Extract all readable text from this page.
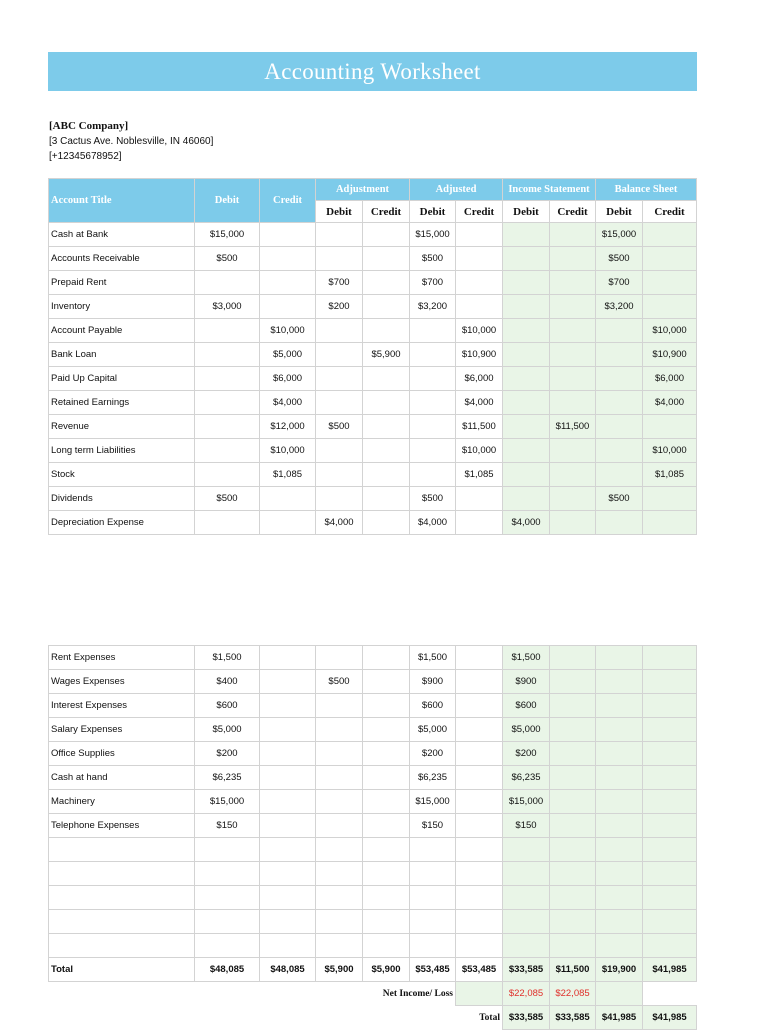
Accounting Worksheet
[ABC Company]
[3 Cactus Ave. Noblesville, IN 46060]
[+12345678952]
Account Title	Debit	Credit	Adjustment		Adjusted		Income Statement		Balance Sheet	
			Debit	Credit	Debit	Credit	Debit	Credit	Debit	Credit
Cash at Bank	$15,000				$15,000				$15,000	
Accounts Receivable	$500				$500				$500	
Prepaid Rent			$700		$700				$700	
Inventory	$3,000		$200		$3,200				$3,200	
Account Payable		$10,000				$10,000				$10,000
Bank Loan		$5,000		$5,900		$10,900				$10,900
Paid Up Capital		$6,000				$6,000				$6,000
Retained Earnings		$4,000				$4,000				$4,000
Revenue		$12,000	$500			$11,500		$11,500		
Long term Liabilities		$10,000				$10,000				$10,000
Stock		$1,085				$1,085				$1,085
Dividends	$500				$500				$500	
Depreciation Expense			$4,000		$4,000		$4,000			
Rent Expenses	$1,500				$1,500		$1,500			
Wages Expenses	$400		$500		$900		$900			
Interest Expenses	$600				$600		$600			
Salary Expenses	$5,000				$5,000		$5,000			
Office Supplies	$200				$200		$200			
Cash at hand	$6,235				$6,235		$6,235			
Machinery	$15,000				$15,000		$15,000			
Telephone Expenses	$150				$150		$150			

Total	$48,085	$48,085	$5,900	$5,900	$53,485	$53,485	$33,585	$11,500	$19,900	$41,985
Net Income/ Loss							$22,085	$22,085		
Total							$33,585	$33,585	$41,985	$41,985
